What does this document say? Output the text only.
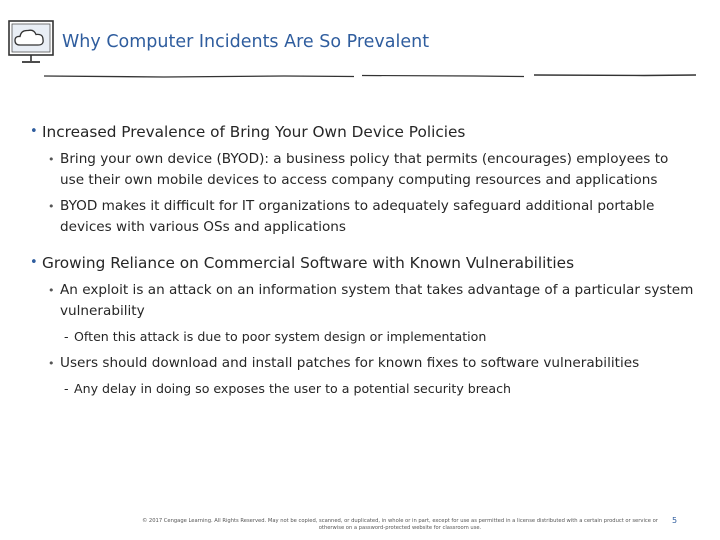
Why Computer Incidents Are So Prevalent
• Increased Prevalence of Bring Your Own Device Policies
• Bring your own device (BYOD): a business policy that permits (encourages) employees to use their own mobile devices to access company computing resources and applications
• BYOD makes it difficult for IT organizations to adequately safeguard additional portable devices with various OSs and applications
• Growing Reliance on Commercial Software with Known Vulnerabilities
• An exploit is an attack on an information system that takes advantage of a particular system vulnerability
- Often this attack is due to poor system design or implementation
• Users should download and install patches for known fixes to software vulnerabilities
- Any delay in doing so exposes the user to a potential security breach
© 2017 Cengage Learning. All Rights Reserved. May not be copied, scanned, or duplicated, in whole or in part, except for use as permitted in a license distributed with a certain product or service or otherwise on a password-protected website for classroom use.
5
